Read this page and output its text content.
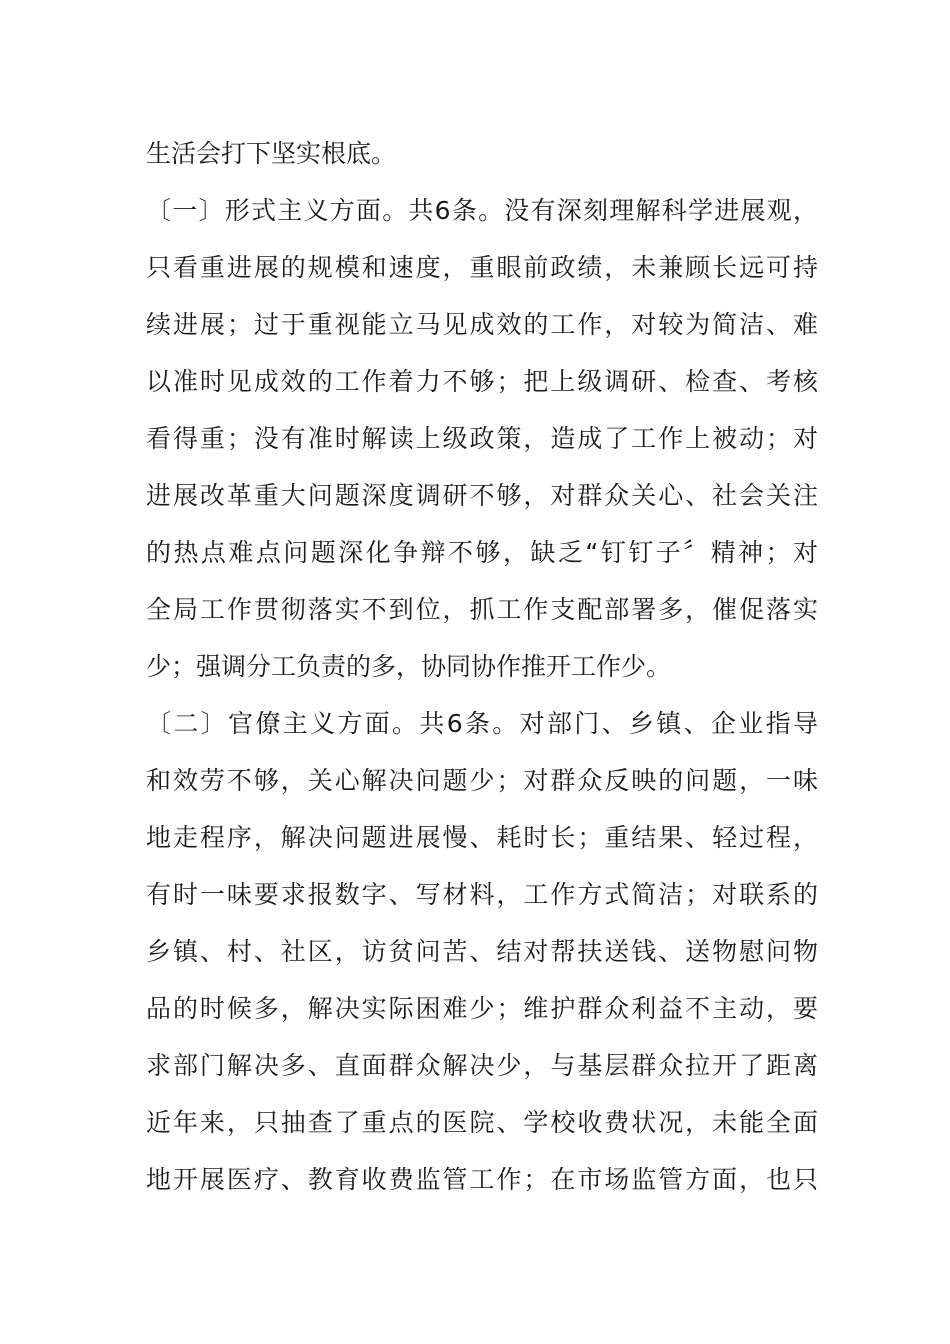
生活会打下坚实根底。
〔一〕形式主义方面。共6条。没有深刻理解科学进展观，
只看重进展的规模和速度，重眼前政绩，未兼顾长远可持
续进展；过于重视能立马见成效的工作，对较为简洁、难
以准时见成效的工作着力不够；把上级调研、检查、考核
看得重；没有准时解读上级政策，造成了工作上被动；对
进展改革重大问题深度调研不够，对群众关心、社会关注
的热点难点问题深化争辩不够，缺乏“钉钉子〞精神；对
全局工作贯彻落实不到位，抓工作支配部署多，催促落实
少；强调分工负责的多，协同协作推开工作少。
〔二〕官僚主义方面。共6条。对部门、乡镇、企业指导
和效劳不够，关心解决问题少；对群众反映的问题，一味
地走程序，解决问题进展慢、耗时长；重结果、轻过程，
有时一味要求报数字、写材料，工作方式简洁；对联系的
乡镇、村、社区，访贫问苦、结对帮扶送钱、送物慰问物
品的时候多，解决实际困难少；维护群众利益不主动，要
求部门解决多、直面群众解决少，与基层群众拉开了距离
近年来，只抽查了重点的医院、学校收费状况，未能全面
地开展医疗、教育收费监管工作；在市场监管方面，也只
